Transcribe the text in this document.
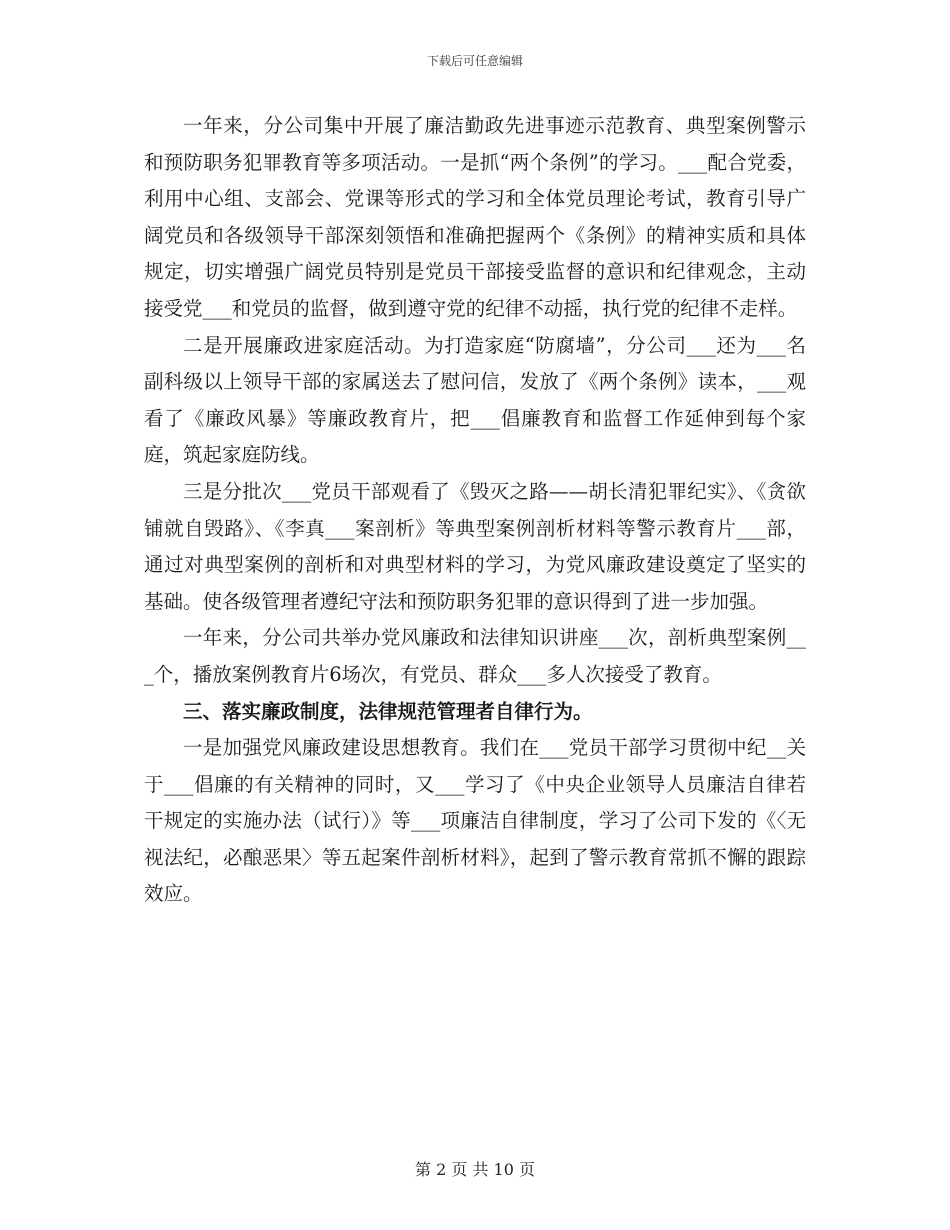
下载后可任意编辑

一年来，分公司集中开展了廉洁勤政先进事迹示范教育、典型案例警示和预防职务犯罪教育等多项活动。一是抓“两个条例”的学习。___配合党委，利用中心组、支部会、党课等形式的学习和全体党员理论考试，教育引导广阔党员和各级领导干部深刻领悟和准确把握两个《条例》的精神实质和具体规定，切实增强广阔党员特别是党员干部接受监督的意识和纪律观念，主动接受党___和党员的监督，做到遵守党的纪律不动摇，执行党的纪律不走样。

二是开展廉政进家庭活动。为打造家庭“防腐墙”，分公司___还为___名副科级以上领导干部的家属送去了慰问信，发放了《两个条例》读本，___观看了《廉政风暴》等廉政教育片，把___倡廉教育和监督工作延伸到每个家庭，筑起家庭防线。

三是分批次___党员干部观看了《毁灭之路——胡长清犯罪纪实》、《贪欲铺就自毁路》、《李真___案剖析》等典型案例剖析材料等警示教育片___部，通过对典型案例的剖析和对典型材料的学习，为党风廉政建设奠定了坚实的基础。使各级管理者遵纪守法和预防职务犯罪的意识得到了进一步加强。

一年来，分公司共举办党风廉政和法律知识讲座___次，剖析典型案例___个，播放案例教育片6场次，有党员、群众___多人次接受了教育。

三、落实廉政制度，法律规范管理者自律行为。

一是加强党风廉政建设思想教育。我们在___党员干部学习贯彻中纪__关于___倡廉的有关精神的同时，又___学习了《中央企业领导人员廉洁自律若干规定的实施办法（试行）》等___项廉洁自律制度，学习了公司下发的《〈无视法纪，必酿恶果〉等五起案件剖析材料》，起到了警示教育常抓不懈的跟踪效应。

第 2 页 共 10 页
